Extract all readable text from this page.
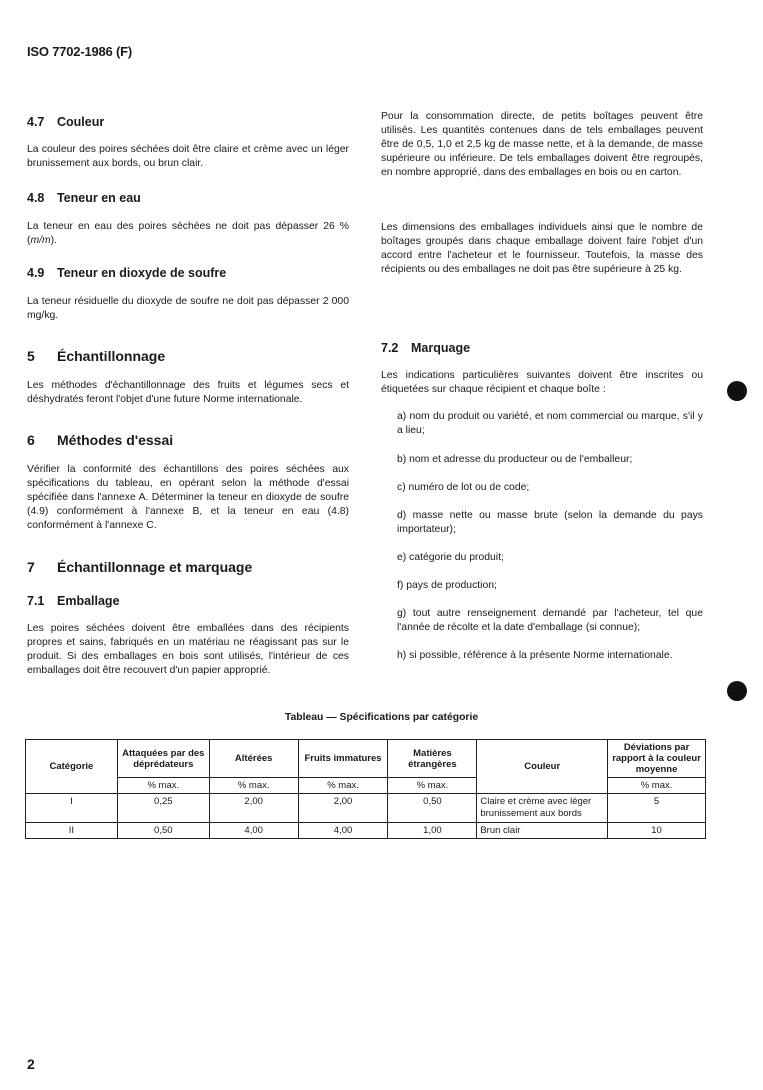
ISO 7702-1986 (F)
4.7 Couleur
La couleur des poires séchées doit être claire et crème avec un léger brunissement aux bords, ou brun clair.
4.8 Teneur en eau
La teneur en eau des poires séchées ne doit pas dépasser 26 % (m/m).
4.9 Teneur en dioxyde de soufre
La teneur résiduelle du dioxyde de soufre ne doit pas dépasser 2 000 mg/kg.
5 Échantillonnage
Les méthodes d'échantillonnage des fruits et légumes secs et déshydratés feront l'objet d'une future Norme internationale.
6 Méthodes d'essai
Vérifier la conformité des échantillons des poires séchées aux spécifications du tableau, en opérant selon la méthode d'essai spécifiée dans l'annexe A. Déterminer la teneur en dioxyde de soufre (4.9) conformément à l'annexe B, et la teneur en eau (4.8) conformément à l'annexe C.
7 Échantillonnage et marquage
7.1 Emballage
Les poires séchées doivent être emballées dans des récipients propres et sains, fabriqués en un matériau ne réagissant pas sur le produit. Si des emballages en bois sont utilisés, l'intérieur de ces emballages doit être recouvert d'un papier approprié.
Pour la consommation directe, de petits boîtages peuvent être utilisés. Les quantités contenues dans de tels emballages peuvent être de 0,5, 1,0 et 2,5 kg de masse nette, et à la demande, de masse supérieure ou inférieure. De tels emballages doivent être regroupés, en nombre approprié, dans des emballages en bois ou en carton.
Les dimensions des emballages individuels ainsi que le nombre de boîtages groupés dans chaque emballage doivent faire l'objet d'un accord entre l'acheteur et le fournisseur. Toutefois, la masse des récipients ou des emballages ne doit pas être supérieure à 25 kg.
7.2 Marquage
Les indications particulières suivantes doivent être inscrites ou étiquetées sur chaque récipient et chaque boîte :
a) nom du produit ou variété, et nom commercial ou marque, s'il y a lieu;
b) nom et adresse du producteur ou de l'emballeur;
c) numéro de lot ou de code;
d) masse nette ou masse brute (selon la demande du pays importateur);
e) catégorie du produit;
f) pays de production;
g) tout autre renseignement demandé par l'acheteur, tel que l'année de récolte et la date d'emballage (si connue);
h) si possible, référence à la présente Norme internationale.
Tableau — Spécifications par catégorie
Catégorie	Attaquées par des déprédateurs	Altérées	Fruits immatures	Matières étrangères	Couleur	Déviations par rapport à la couleur moyenne
	% max.	% max.	% max.	% max.		% max.
I	0,25	2,00	2,00	0,50	Claire et crème avec léger brunissement aux bords	5
II	0,50	4,00	4,00	1,00	Brun clair	10
2
